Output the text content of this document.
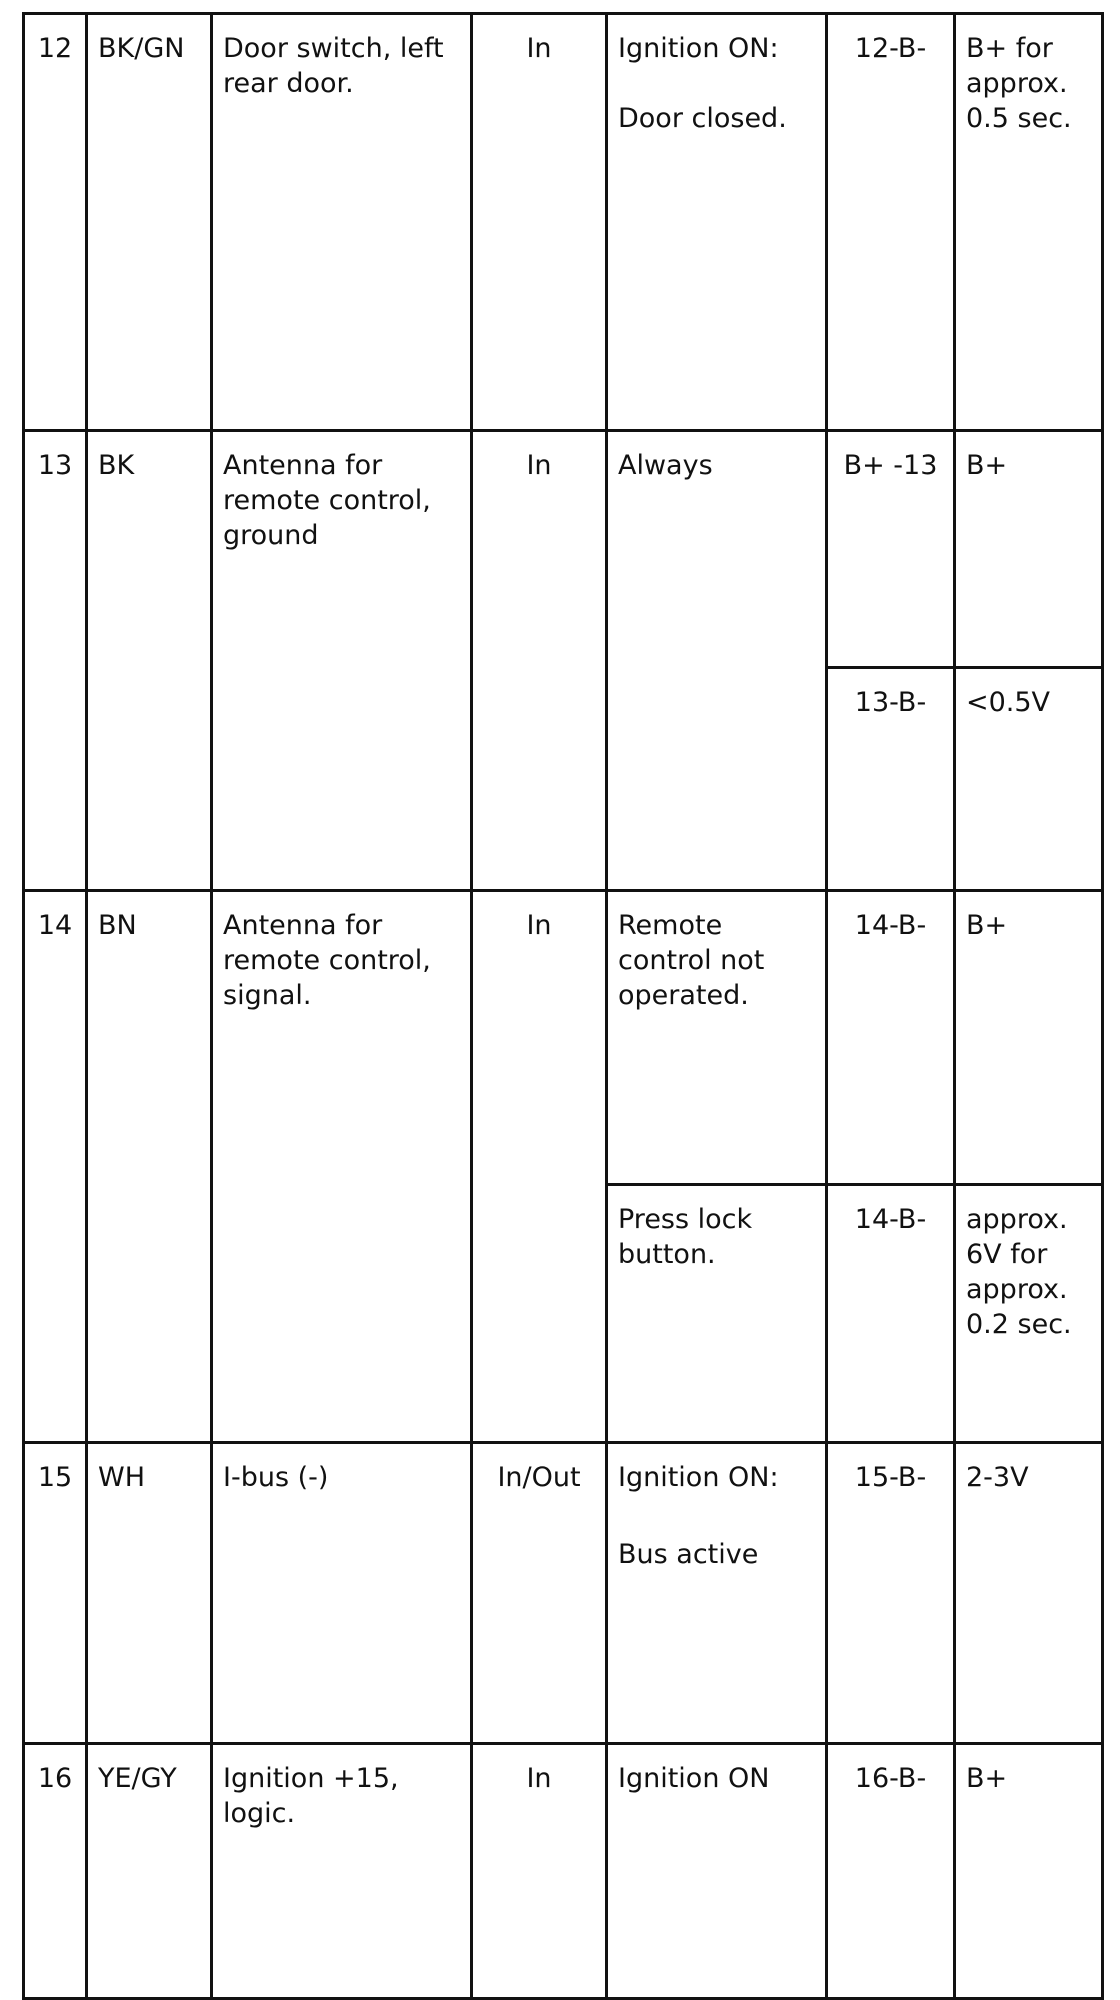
12	BK/GN	Door switch, left rear door.	In	Ignition ON:
Door closed.	12-B-	B+ for approx. 0.5 sec.
13	BK	Antenna for remote control, ground	In	Always	B+ -13	B+
					13-B-	<0.5V
14	BN	Antenna for remote control, signal.	In	Remote control not operated.	14-B-	B+

				Press lock button.	14-B-	approx. 6V for approx. 0.2 sec.
15	WH	I-bus (-)	In/Out	Ignition ON:
Bus active	15-B-	2-3V
16	YE/GY	Ignition +15, logic.	In	Ignition ON	16-B-	B+
